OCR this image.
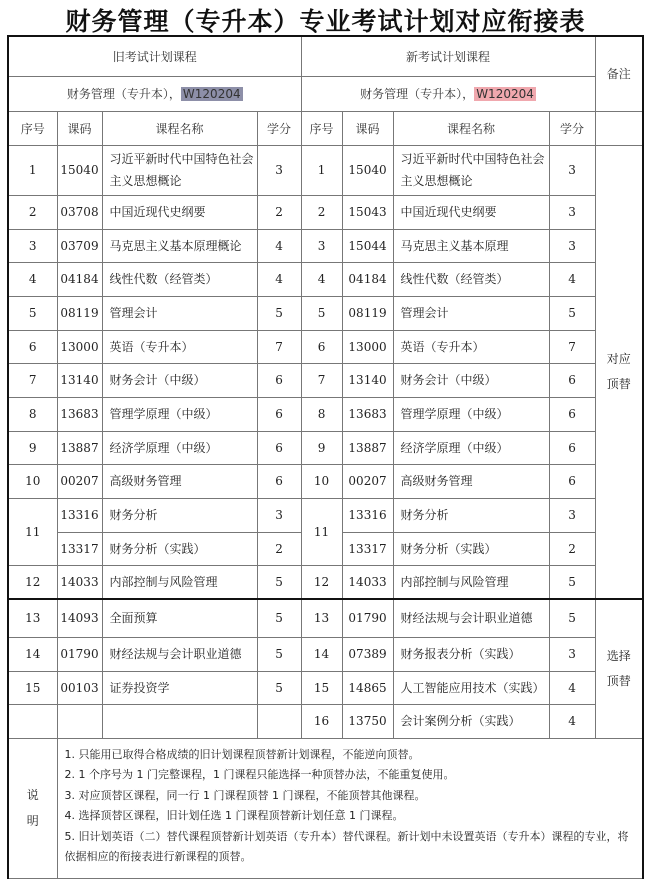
财务管理（专升本）专业考试计划对应衔接表
旧考试计划课程				新考试计划课程				备注
财务管理（专升本）， W120204				财务管理（专升本）， W120204				
序号	课码	课程名称	学分	序号	课码	课程名称	学分	
1	15040	习近平新时代中国特色社会主义思想概论	3	1	15040	习近平新时代中国特色社会主义思想概论	3	对应
顶替

2	03708	中国近现代史纲要	2	2	15043	中国近现代史纲要	3	
3	03709	马克思主义基本原理概论	4	3	15044	马克思主义基本原理	3	
4	04184	线性代数（经管类）	4	4	04184	线性代数（经管类）	4	
5	08119	管理会计	5	5	08119	管理会计	5	
6	13000	英语（专升本）	7	6	13000	英语（专升本）	7	
7	13140	财务会计（中级）	6	7	13140	财务会计（中级）	6	
8	13683	管理学原理（中级）	6	8	13683	管理学原理（中级）	6	
9	13887	经济学原理（中级）	6	9	13887	经济学原理（中级）	6	
10	00207	高级财务管理	6	10	00207	高级财务管理	6	
11	13316	财务分析	3	11	13316	财务分析	3	
	13317	财务分析（实践）	2		13317	财务分析（实践）	2	
12	14033	内部控制与风险管理	5	12	14033	内部控制与风险管理	5	
13	14093	全面预算	5	13	01790	财经法规与会计职业道德	5	选择
顶替

14	01790	财经法规与会计职业道德	5	14	07389	财务报表分析（实践）	3	
15	00103	证券投资学	5	15	14865	人工智能应用技术（实践）	4	
				16	13750	会计案例分析（实践）	4	

说
明

1. 只能用已取得合格成绩的旧计划课程顶替新计划课程，不能逆向顶替。
2. 1 个序号为 1 门完整课程，1 门课程只能选择一种顶替办法，不能重复使用。
3. 对应顶替区课程，同一行 1 门课程顶替 1 门课程，不能顶替其他课程。
4. 选择顶替区课程，旧计划任选 1 门课程顶替新计划任意 1 门课程。
5. 旧计划英语（二）替代课程顶替新计划英语（专升本）替代课程。新计划中未设置英语（专升本）课程的专业，将依据相应的衔接表进行新课程的顶替。
